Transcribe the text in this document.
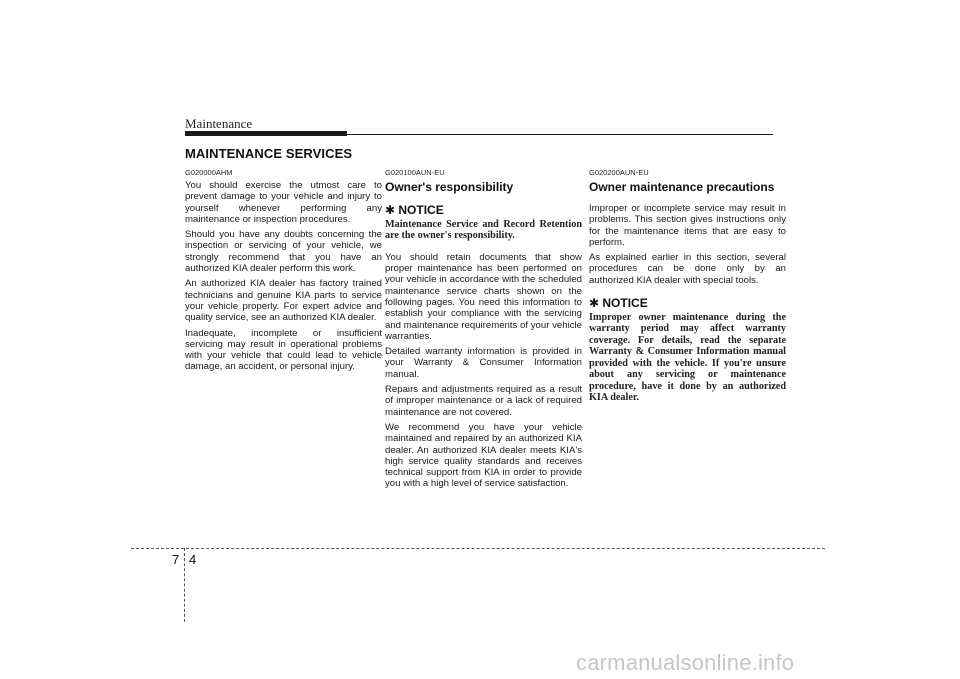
Maintenance
MAINTENANCE SERVICES
G020000AHM

You should exercise the utmost care to prevent damage to your vehicle and injury to yourself whenever performing any maintenance or inspection procedures.

Should you have any doubts concerning the inspection or servicing of your vehicle, we strongly recommend that you have an authorized KIA dealer perform this work.

An authorized KIA dealer has factory trained technicians and genuine KIA parts to service your vehicle properly. For expert advice and quality service, see an authorized KIA dealer.

Inadequate, incomplete or insufficient servicing may result in operational problems with your vehicle that could lead to vehicle damage, an accident, or personal injury.

G020100AUN-EU
Owner's responsibility
✱ NOTICE

Maintenance Service and Record Retention are the owner's responsibility.

You should retain documents that show proper maintenance has been performed on your vehicle in accordance with the scheduled maintenance service charts shown on the following pages. You need this information to establish your compliance with the servicing and maintenance requirements of your vehicle warranties.

Detailed warranty information is provided in your Warranty & Consumer Information manual.

Repairs and adjustments required as a result of improper maintenance or a lack of required maintenance are not covered.

We recommend you have your vehicle maintained and repaired by an authorized KIA dealer. An authorized KIA dealer meets KIA's high service quality standards and receives technical support from KIA in order to provide you with a high level of service satisfaction.

G020200AUN-EU
Owner maintenance precautions

Improper or incomplete service may result in problems. This section gives instructions only for the maintenance items that are easy to perform.

As explained earlier in this section, several procedures can be done only by an authorized KIA dealer with special tools.

✱ NOTICE

Improper owner maintenance during the warranty period may affect warranty coverage. For details, read the separate Warranty & Consumer Information manual provided with the vehicle. If you're unsure about any servicing or maintenance procedure, have it done by an authorized KIA dealer.

7 4
carmanualsonline.info
